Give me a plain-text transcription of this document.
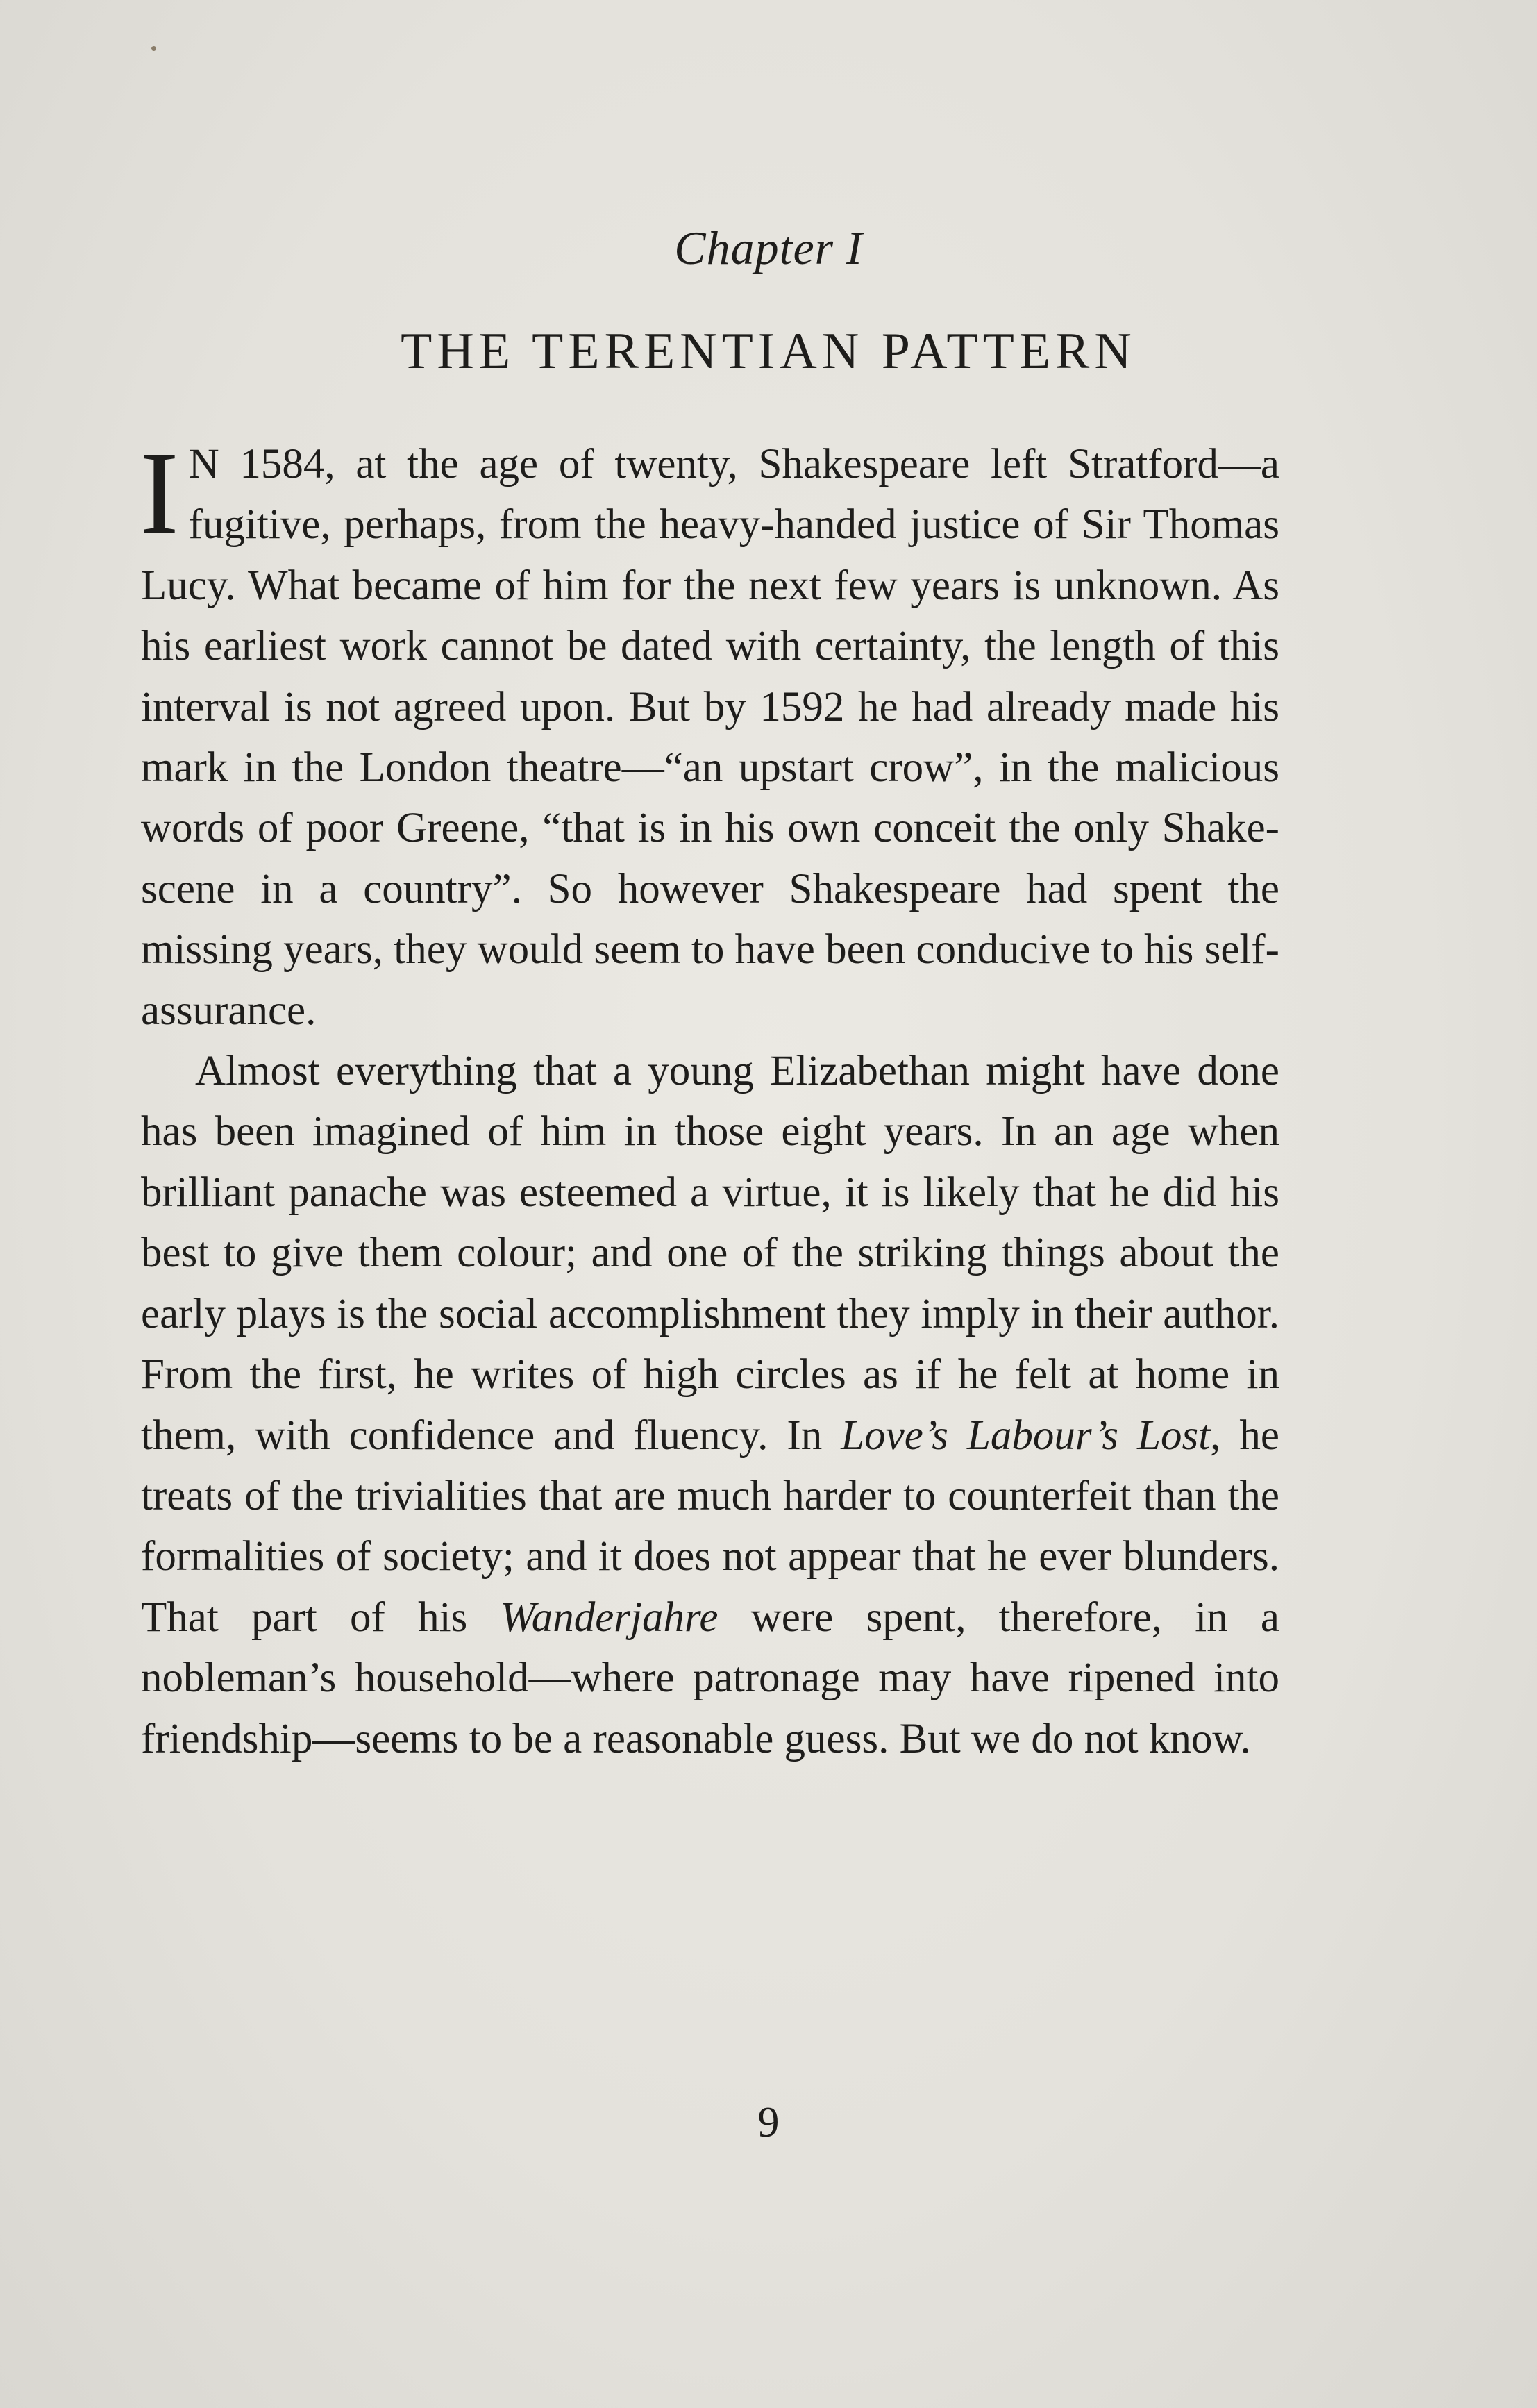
Chapter I
THE TERENTIAN PATTERN

I N 1584, at the age of twenty, Shakespeare left Stratford—a fugitive, perhaps, from the heavy-handed justice of Sir Thomas Lucy. What became of him for the next few years is unknown. As his earliest work cannot be dated with certainty, the length of this interval is not agreed upon. But by 1592 he had already made his mark in the London theatre—“an upstart crow”, in the malicious words of poor Greene, “that is in his own conceit the only Shake-scene in a country”. So however Shakespeare had spent the missing years, they would seem to have been conducive to his self-assurance.

Almost everything that a young Elizabethan might have done has been imagined of him in those eight years. In an age when brilliant panache was esteemed a virtue, it is likely that he did his best to give them colour; and one of the striking things about the early plays is the social accomplishment they imply in their author. From the first, he writes of high circles as if he felt at home in them, with confidence and fluency. In Love’s Labour’s Lost, he treats of the trivialities that are much harder to counterfeit than the formalities of society; and it does not appear that he ever blunders. That part of his Wanderjahre were spent, therefore, in a nobleman’s household—where patronage may have ripened into friendship—seems to be a reasonable guess. But we do not know.

9
